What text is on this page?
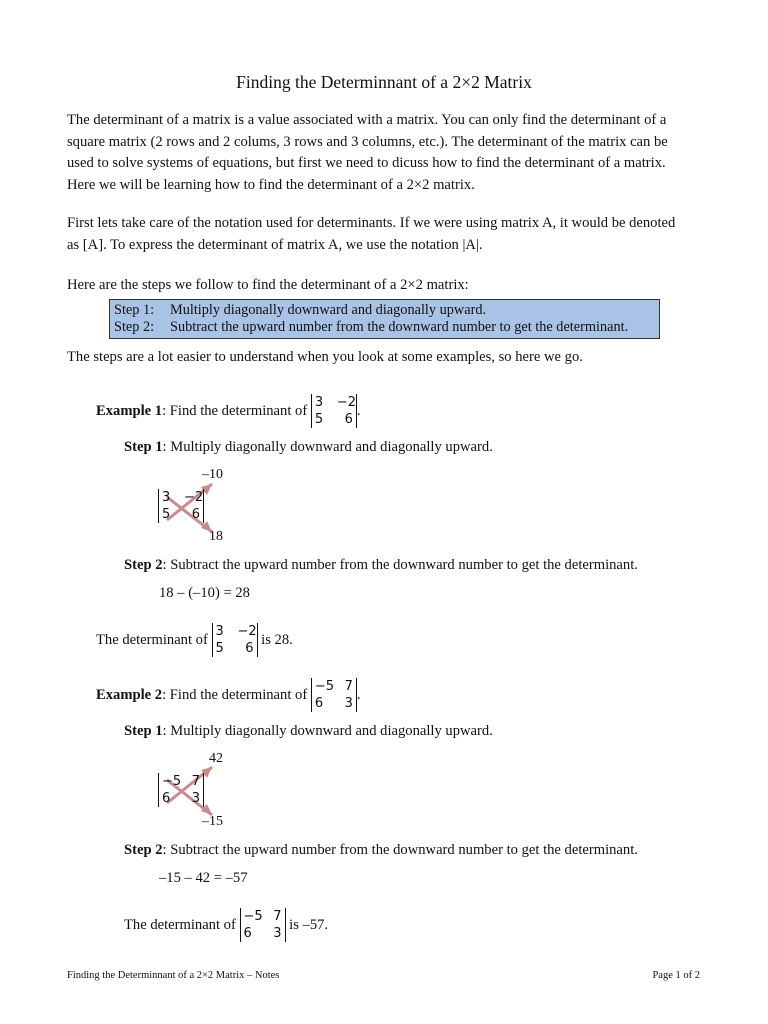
Finding the Determinnant of a 2×2 Matrix
The determinant of a matrix is a value associated with a matrix. You can only find the determinant of a
square matrix (2 rows and 2 colums, 3 rows and 3 columns, etc.). The determinant of the matrix can be
used to solve systems of equations, but first we need to dicuss how to find the determinant of a matrix.
Here we will be learning how to find the determinant of a 2×2 matrix.
First lets take care of the notation used for determinants. If we were using matrix A, it would be denoted
as [A]. To express the determinant of matrix A, we use the notation |A|.
Here are the steps we follow to find the determinant of a 2×2 matrix:
Step 1:	Multiply diagonally downward and diagonally upward.
Step 2:	Subtract the upward number from the downward number to get the determinant.
The steps are a lot easier to understand when you look at some examples, so here we go.
Example 1: Find the determinant of
3	−2
5	6
.
Step 1: Multiply diagonally downward and diagonally upward.
–10
3	−2
5	6
18
Step 2: Subtract the upward number from the downward number to get the determinant.
18 – (–10) = 28
The determinant of
3	−2
5	6
is 28.
Example 2: Find the determinant of
−5 7
6	3
.
Step 1: Multiply diagonally downward and diagonally upward.
42
−5 7
6	3
–15
Step 2: Subtract the upward number from the downward number to get the determinant.
–15 – 42 = –57
The determinant of
−5 7
6	3
is –57.
Finding the Determinnant of a 2×2 Matrix – Notes	Page 1 of 2
